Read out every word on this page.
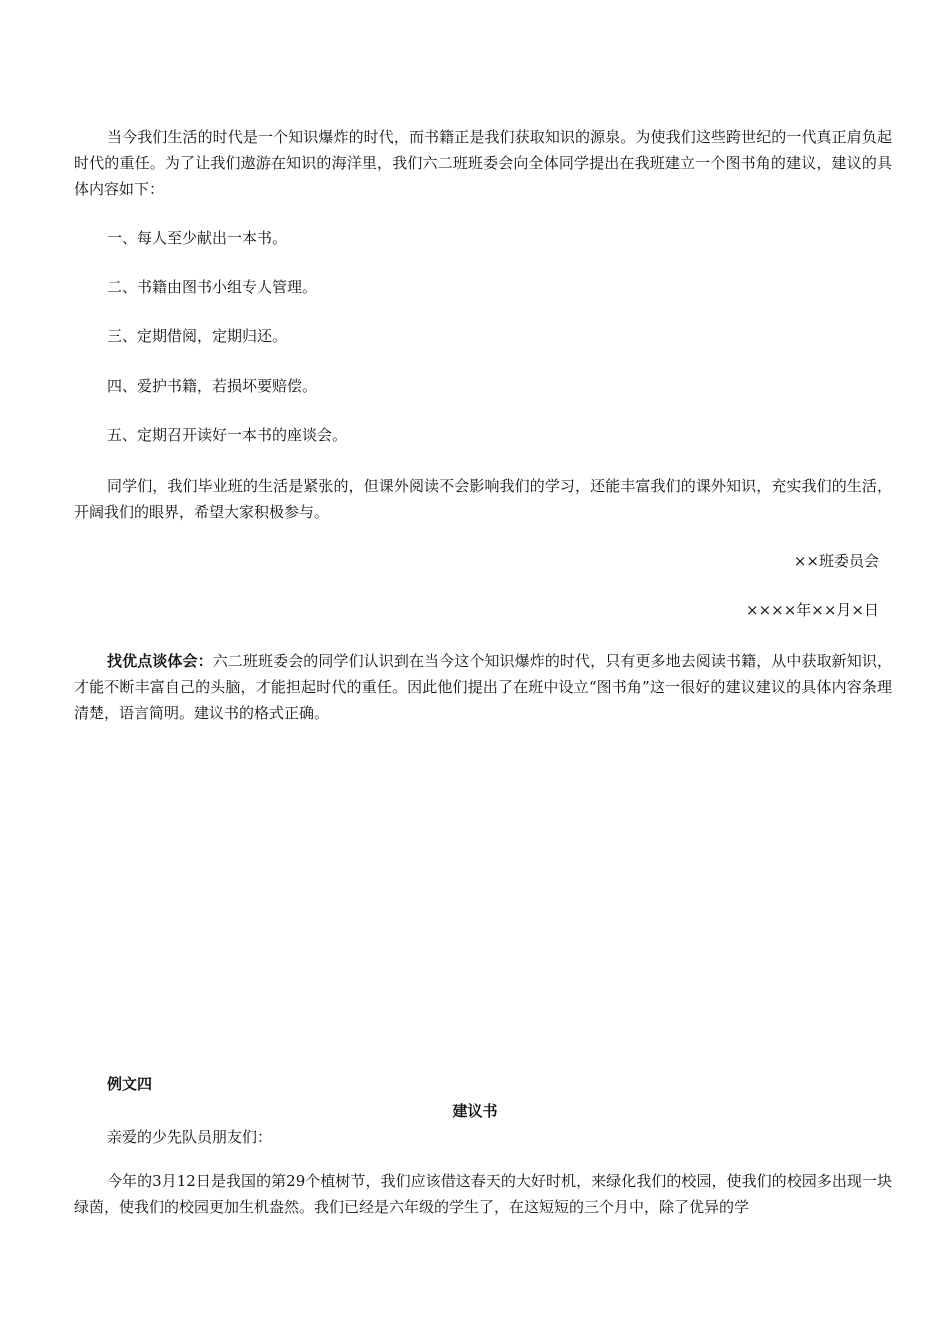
当今我们生活的时代是一个知识爆炸的时代，而书籍正是我们获取知识的源泉。为使我们这些跨世纪的一代真正肩负起时代的重任。为了让我们遨游在知识的海洋里，我们六二班班委会向全体同学提出在我班建立一个图书角的建议，建议的具体内容如下：

一、每人至少献出一本书。

二、书籍由图书小组专人管理。

三、定期借阅，定期归还。

四、爱护书籍，若损坏要赔偿。

五、定期召开读好一本书的座谈会。

同学们，我们毕业班的生活是紧张的，但课外阅读不会影响我们的学习，还能丰富我们的课外知识，充实我们的生活，开阔我们的眼界，希望大家积极参与。

××班委员会
××××年××月×日

找优点谈体会：六二班班委会的同学们认识到在当今这个知识爆炸的时代，只有更多地去阅读书籍，从中获取新知识，才能不断丰富自己的头脑，才能担起时代的重任。因此他们提出了在班中设立“图书角”这一很好的建议建议的具体内容条理清楚，语言简明。建议书的格式正确。

例文四
建议书
亲爱的少先队员朋友们：

今年的3月12日是我国的第29个植树节，我们应该借这春天的大好时机，来绿化我们的校园，使我们的校园多出现一块绿茵，使我们的校园更加生机盎然。我们已经是六年级的学生了，在这短短的三个月中，除了优异的学
